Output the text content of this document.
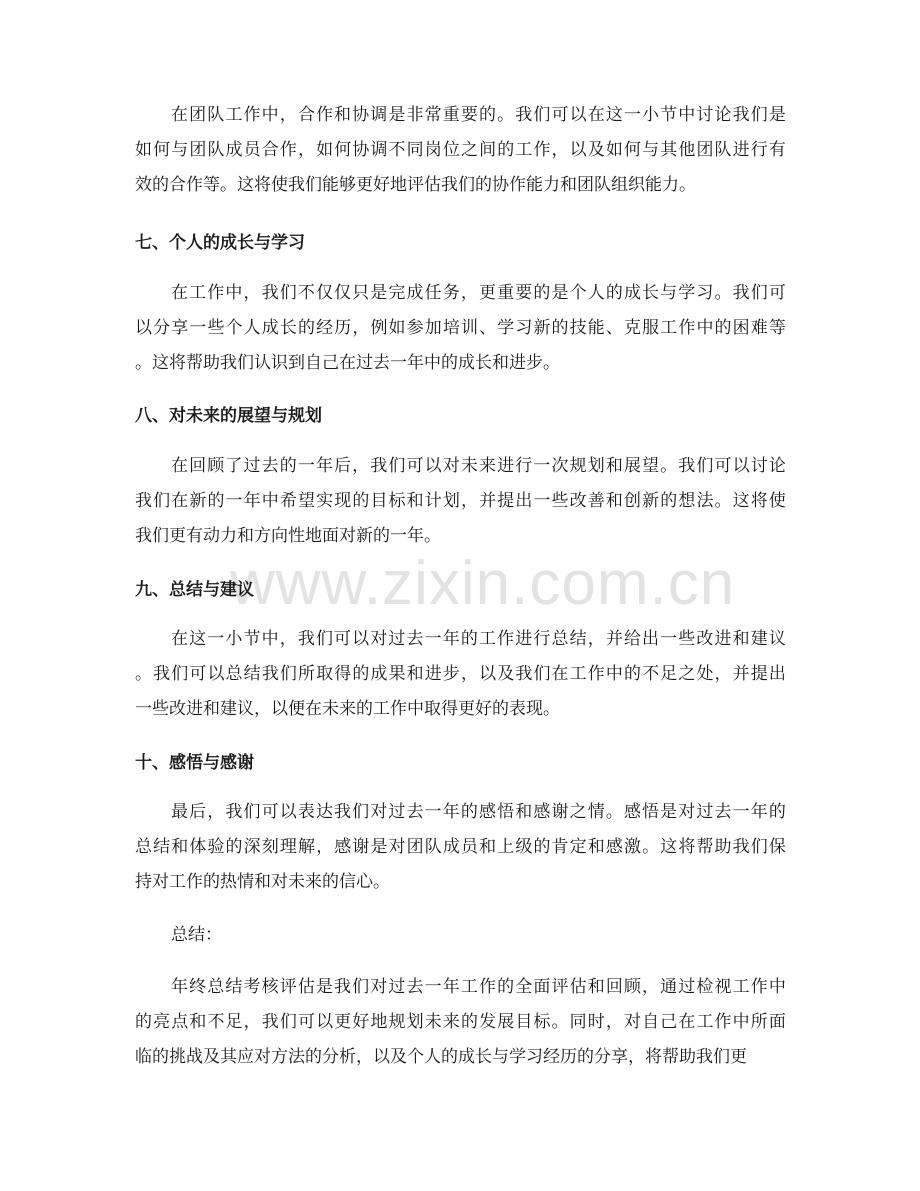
www.zixin.com.cn

在团队工作中，合作和协调是非常重要的。我们可以在这一小节中讨论我们是
如何与团队成员合作，如何协调不同岗位之间的工作，以及如何与其他团队进行有
效的合作等。这将使我们能够更好地评估我们的协作能力和团队组织能力。

七、个人的成长与学习

在工作中，我们不仅仅只是完成任务，更重要的是个人的成长与学习。我们可
以分享一些个人成长的经历，例如参加培训、学习新的技能、克服工作中的困难等
。这将帮助我们认识到自己在过去一年中的成长和进步。

八、对未来的展望与规划

在回顾了过去的一年后，我们可以对未来进行一次规划和展望。我们可以讨论
我们在新的一年中希望实现的目标和计划，并提出一些改善和创新的想法。这将使
我们更有动力和方向性地面对新的一年。

九、总结与建议

在这一小节中，我们可以对过去一年的工作进行总结，并给出一些改进和建议
。我们可以总结我们所取得的成果和进步，以及我们在工作中的不足之处，并提出
一些改进和建议，以便在未来的工作中取得更好的表现。

十、感悟与感谢

最后，我们可以表达我们对过去一年的感悟和感谢之情。感悟是对过去一年的
总结和体验的深刻理解，感谢是对团队成员和上级的肯定和感激。这将帮助我们保
持对工作的热情和对未来的信心。

总结：

年终总结考核评估是我们对过去一年工作的全面评估和回顾，通过检视工作中
的亮点和不足，我们可以更好地规划未来的发展目标。同时，对自己在工作中所面
临的挑战及其应对方法的分析，以及个人的成长与学习经历的分享，将帮助我们更
